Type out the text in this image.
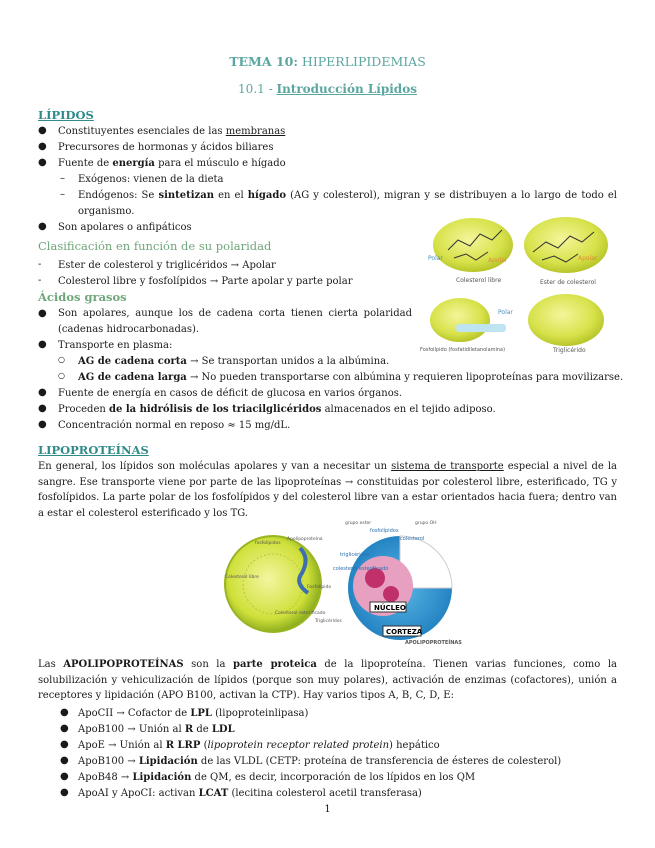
TEMA 10: HIPERLIPIDEMIAS
10.1 - Introducción Lípidos
LÍPIDOS
● Constituyentes esenciales de las membranas
● Precursores de hormonas y ácidos biliares
● Fuente de energía para el músculo e hígado
– Exógenos: vienen de la dieta
– Endógenos: Se sintetizan en el hígado (AG y colesterol), migran y se distribuyen a lo largo de todo el organismo.
● Son apolares o anfipáticos
Clasificación en función de su polaridad
- Ester de colesterol y triglicéridos → Apolar
- Colesterol libre y fosfolípidos → Parte apolar y parte polar
Ácidos grasos
● Son apolares, aunque los de cadena corta tienen cierta polaridad (cadenas hidrocarbonadas).
● Transporte en plasma:
○ AG de cadena corta → Se transportan unidos a la albúmina.
○ AG de cadena larga → No pueden transportarse con albúmina y requieren lipoproteínas para movilizarse.
● Fuente de energía en casos de déficit de glucosa en varios órganos.
● Proceden de la hidrólisis de los triacilglicéridos almacenados en el tejido adiposo.
● Concentración normal en reposo ≈ 15 mg/dL.
Polar	Apolar	Apolar
Polar
Colesterol libre	Ester de colesterol
Fosfolípido (fosfatidiletanolamina)	Triglicérido
LIPOPROTEÍNAS
En general, los lípidos son moléculas apolares y van a necesitar un sistema de transporte especial a nivel de la sangre. Ese transporte viene por parte de las lipoproteínas → constituidas por colesterol libre, esterificado, TG y fosfolípidos. La parte polar de los fosfolípidos y del colesterol libre van a estar orientados hacia fuera; dentro van a estar el colesterol esterificado y los TG.
NÚCLEO
CORTEZA
APOLIPOPROTEÍNAS
fosfolípidos
Apolipoproteína
Colesterol libre
Fosfolípido
Colesterol esterificado
Triglicéridos
fosfolípidos
colesterol
triglicéridos
colesterol esterificado
grupo OH
grupo ester
Las APOLIPOPROTEÍNAS son la parte proteica de la lipoproteína. Tienen varias funciones, como la solubilización y vehiculización de lípidos (porque son muy polares), activación de enzimas (cofactores), unión a receptores y lipidación (APO B100, activan la CTP). Hay varios tipos A, B, C, D, E:
● ApoCII → Cofactor de LPL (lipoproteinlipasa)
● ApoB100 → Unión al R de LDL
● ApoE → Unión al R LRP (lipoprotein receptor related protein) hepático
● ApoB100 → Lipidación de las VLDL (CETP: proteína de transferencia de ésteres de colesterol)
● ApoB48 → Lipidación de QM, es decir, incorporación de los lípidos en los QM
● ApoAI y ApoCI: activan LCAT (lecitina colesterol acetil transferasa)
1
